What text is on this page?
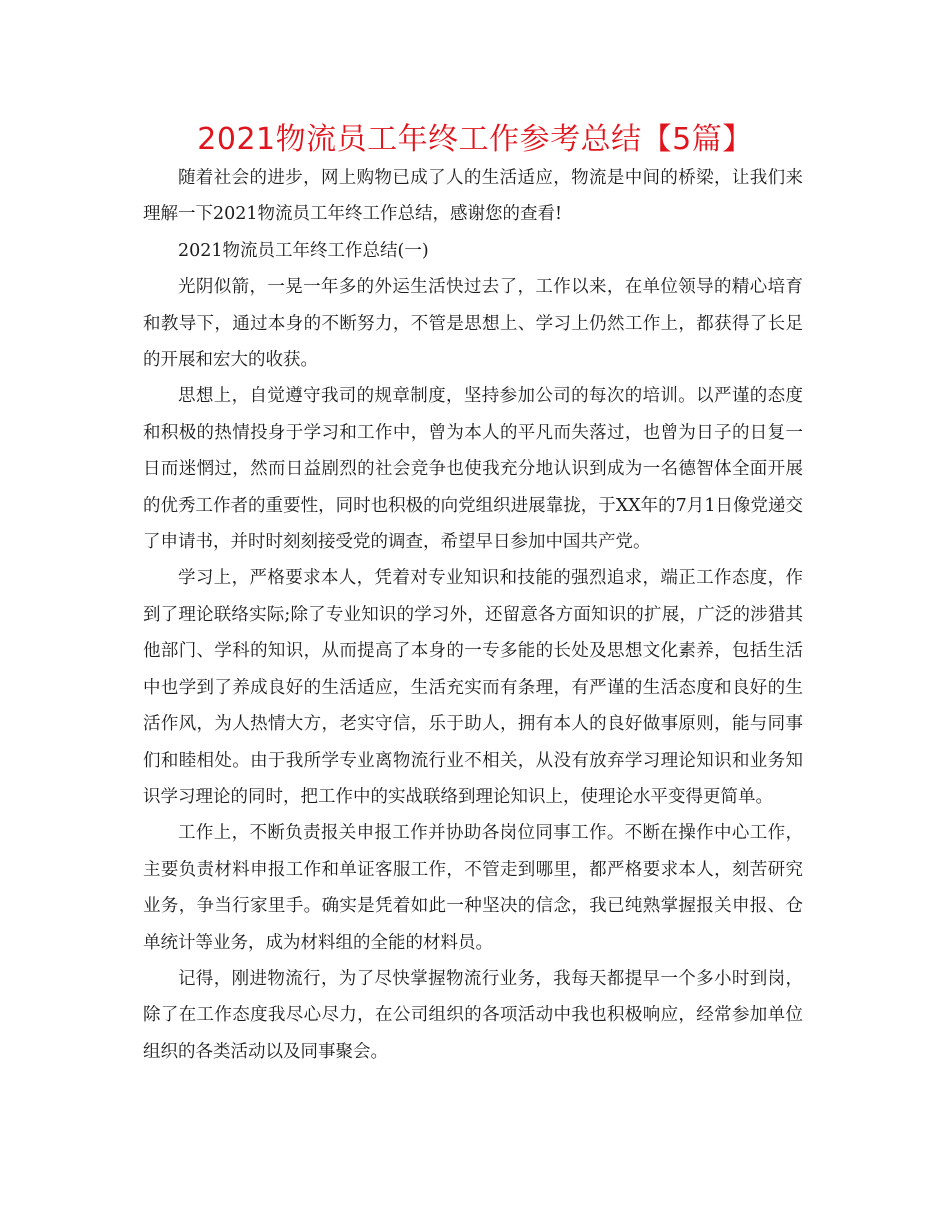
2021物流员工年终工作参考总结【5篇】

随着社会的进步，网上购物已成了人的生活适应，物流是中间的桥梁，让我们来理解一下2021物流员工年终工作总结，感谢您的查看!

2021物流员工年终工作总结(一)

光阴似箭，一晃一年多的外运生活快过去了，工作以来，在单位领导的精心培育和教导下，通过本身的不断努力，不管是思想上、学习上仍然工作上，都获得了长足的开展和宏大的收获。

思想上，自觉遵守我司的规章制度，坚持参加公司的每次的培训。以严谨的态度和积极的热情投身于学习和工作中，曾为本人的平凡而失落过，也曾为日子的日复一日而迷惘过，然而日益剧烈的社会竞争也使我充分地认识到成为一名德智体全面开展的优秀工作者的重要性，同时也积极的向党组织进展靠拢，于XX年的7月1日像党递交了申请书，并时时刻刻接受党的调查，希望早日参加中国共产党。

学习上，严格要求本人，凭着对专业知识和技能的强烈追求，端正工作态度，作到了理论联络实际;除了专业知识的学习外，还留意各方面知识的扩展，广泛的涉猎其他部门、学科的知识，从而提高了本身的一专多能的长处及思想文化素养，包括生活中也学到了养成良好的生活适应，生活充实而有条理，有严谨的生活态度和良好的生活作风，为人热情大方，老实守信，乐于助人，拥有本人的良好做事原则，能与同事们和睦相处。由于我所学专业离物流行业不相关，从没有放弃学习理论知识和业务知识学习理论的同时，把工作中的实战联络到理论知识上，使理论水平变得更简单。

工作上，不断负责报关申报工作并协助各岗位同事工作。不断在操作中心工作，主要负责材料申报工作和单证客服工作，不管走到哪里，都严格要求本人，刻苦研究业务，争当行家里手。确实是凭着如此一种坚决的信念，我已纯熟掌握报关申报、仓单统计等业务，成为材料组的全能的材料员。

记得，刚进物流行，为了尽快掌握物流行业务，我每天都提早一个多小时到岗，除了在工作态度我尽心尽力，在公司组织的各项活动中我也积极响应，经常参加单位组织的各类活动以及同事聚会。
